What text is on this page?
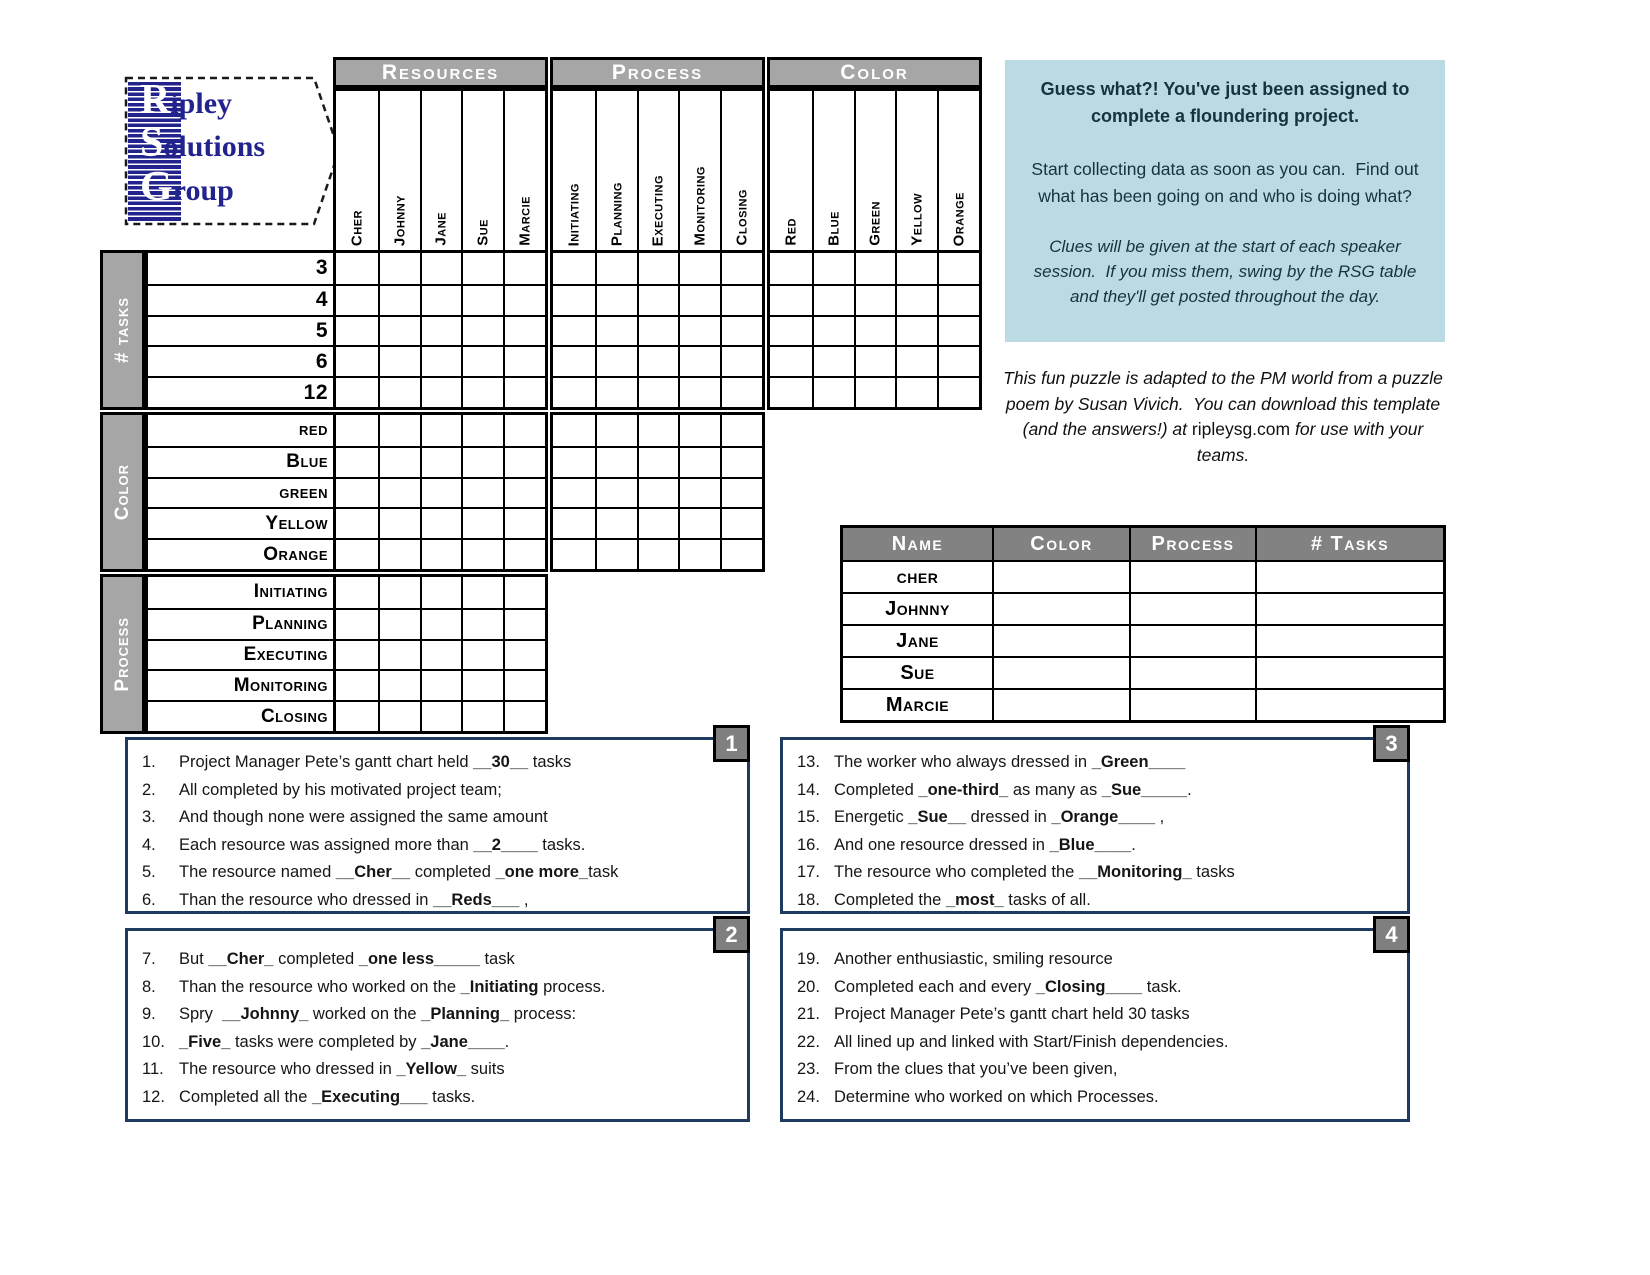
Ripley
Solutions
Group
Resources
Cher Johnny Jane Sue Marcie
Process
Initiating Planning Executing Monitoring Closing
Color
Red Blue Green Yellow Orange
# tasks
3
4
5
6
12
Color
red
Blue
green
Yellow
Orange
Process
Initiating
Planning
Executing
Monitoring
Closing
Guess what?! You've just been assigned to complete a floundering project.
Start collecting data as soon as you can.  Find out what has been going on and who is doing what?
Clues will be given at the start of each speaker session.  If you miss them, swing by the RSG table and they'll get posted throughout the day.
This fun puzzle is adapted to the PM world from a puzzle poem by Susan Vivich.  You can download this template (and the answers!) at ripleysg.com for use with your teams.
Name	Color	Process	# Tasks
cher
Johnny
Jane
Sue
Marcie
1
1.	Project Manager Pete’s gantt chart held __30__ tasks
2.	All completed by his motivated project team;
3.	And though none were assigned the same amount
4.	Each resource was assigned more than __2____ tasks.
5.	The resource named __Cher__ completed _one more_task
6.	Than the resource who dressed in __Reds___ ,
2
7.	But __Cher_ completed _one less_____ task
8.	Than the resource who worked on the _Initiating process.
9.	Spry  __Johnny_ worked on the _Planning_ process:
10. _Five_ tasks were completed by _Jane____.
11. The resource who dressed in _Yellow_ suits
12. Completed all the _Executing___ tasks.
3
13. The worker who always dressed in _Green____
14. Completed _one-third_ as many as _Sue_____.
15. Energetic _Sue__ dressed in _Orange____ ,
16. And one resource dressed in _Blue____.
17. The resource who completed the __Monitoring_ tasks
18. Completed the _most_ tasks of all.
4
19. Another enthusiastic, smiling resource
20. Completed each and every _Closing____ task.
21. Project Manager Pete’s gantt chart held 30 tasks
22. All lined up and linked with Start/Finish dependencies.
23. From the clues that you’ve been given,
24. Determine who worked on which Processes.
